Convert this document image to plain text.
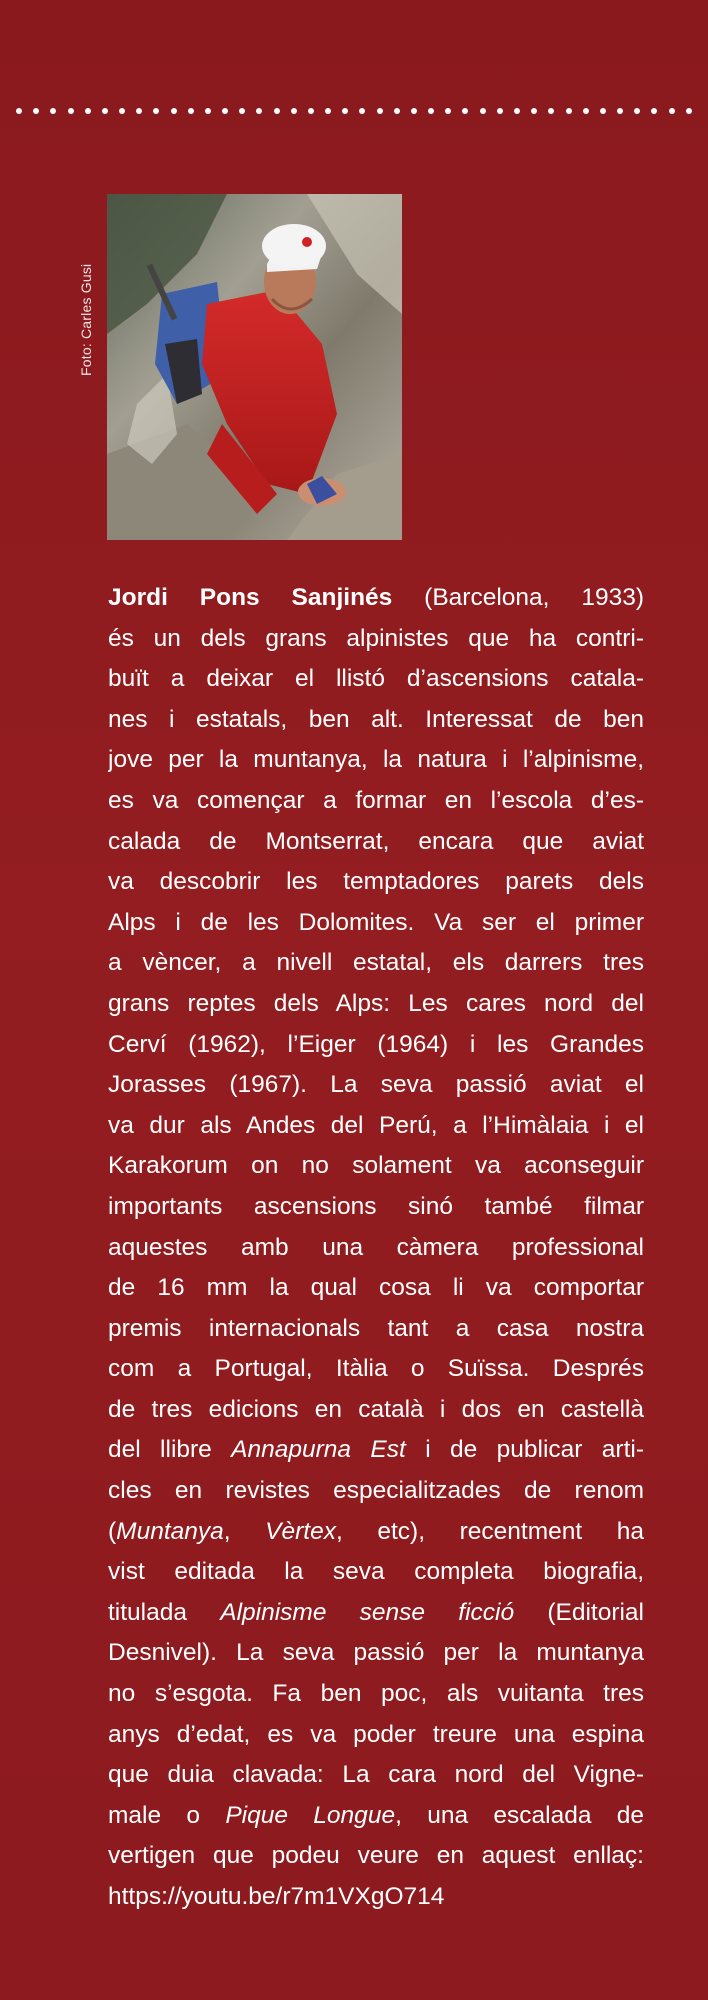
Foto: Carles Gusi

Jordi Pons Sanjinés (Barcelona, 1933)
és un dels grans alpinistes que ha contri-
buït a deixar el llistó d’ascensions catala-
nes i estatals, ben alt. Interessat de ben
jove per la muntanya, la natura i l’alpinisme,
es va començar a formar en l’escola d’es-
calada de Montserrat, encara que aviat
va descobrir les temptadores parets dels
Alps i de les Dolomites. Va ser el primer
a vèncer, a nivell estatal, els darrers tres
grans reptes dels Alps: Les cares nord del
Cerví (1962), l’Eiger (1964) i les Grandes
Jorasses (1967). La seva passió aviat el
va dur als Andes del Perú, a l’Himàlaia i el
Karakorum on no solament va aconseguir
importants ascensions sinó també filmar
aquestes amb una càmera professional
de 16 mm la qual cosa li va comportar
premis internacionals tant a casa nostra
com a Portugal, Itàlia o Suïssa. Després
de tres edicions en català i dos en castellà
del llibre Annapurna Est i de publicar arti-
cles en revistes especialitzades de renom
(Muntanya, Vèrtex, etc), recentment ha
vist editada la seva completa biografia,
titulada Alpinisme sense ficció (Editorial
Desnivel). La seva passió per la muntanya
no s’esgota. Fa ben poc, als vuitanta tres
anys d’edat, es va poder treure una espina
que duia clavada: La cara nord del Vigne-
male o Pique Longue, una escalada de
vertigen que podeu veure en aquest enllaç:
https://youtu.be/r7m1VXgO714
